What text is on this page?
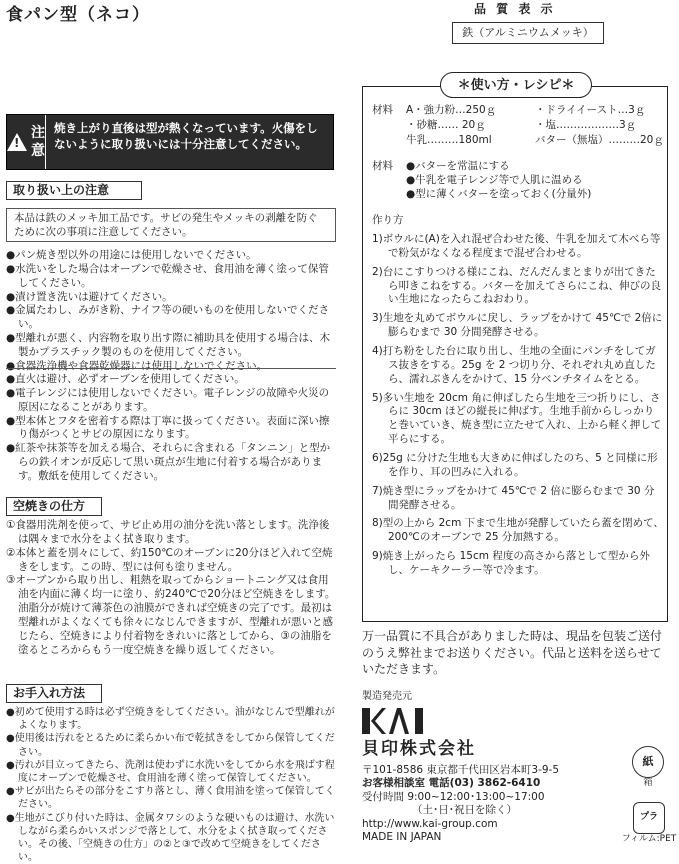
食パン型（ネコ）	品 質 表 示
鉄（アルミニウムメッキ）
!
注意
焼き上がり直後は型が熱くなっています。火傷をしないように取り扱いには十分注意してください。
取り扱い上の注意
本品は鉄のメッキ加工品です。サビの発生やメッキの剥離を防ぐために次の事項に注意してください。
●パン焼き型以外の用途には使用しないでください。
●水洗いをした場合はオーブンで乾燥させ、食用油を薄く塗って保管してください。
●漬け置き洗いは避けてください。
●金属たわし、みがき粉、ナイフ等の硬いものを使用しないでください。
●型離れが悪く、内容物を取り出す際に補助具を使用する場合は、木製かプラスチック製のものを使用してください。
●食器洗浄機や食器乾燥器には使用しないでください。
●直火は避け、必ずオーブンを使用してください。
●電子レンジには使用しないでください。電子レンジの故障や火災の原因になることがあります。
●型本体とフタを密着する際は丁寧に扱ってください。表面に深い擦り傷がつくとサビの原因になります。
●紅茶や抹茶等を加える場合、それらに含まれる「タンニン」と型からの鉄イオンが反応して黒い斑点が生地に付着する場合があります。敷紙を使用してください。
空焼きの仕方
①食器用洗剤を使って、サビ止め用の油分を洗い落とします。洗浄後は隅々まで水分をよく拭き取ります。
②本体と蓋を別々にして、約150℃のオーブンに20分ほど入れて空焼きをします。この時、型には何も塗りません。
③オーブンから取り出し、粗熱を取ってからショートニング又は食用油を内面に薄く均一に塗り、約240℃で20分ほど空焼きをします。油脂分が焼けて薄茶色の油膜ができれば空焼きの完了です。最初は型離れがよくなくても徐々になじんできますが、型離れが悪いと感じたら、空焼きにより付着物をきれいに落としてから、③の油脂を塗るところからもう一度空焼きを繰り返してください。
お手入れ方法
●初めて使用する時は必ず空焼きをしてください。油がなじんで型離れがよくなります。
●使用後は汚れをとるために柔らかい布で乾拭きをしてから保管してください。
●汚れが目立ってきたら、洗剤は使わずに水洗いをしてから水を飛ばす程度にオーブンで乾燥させ、食用油を薄く塗って保管してください。
●サビが出たらその部分をこすり落とし、薄く食用油を塗って保管してください。
●生地がこびり付いた時は、金属タワシのような硬いものは避け、水洗いしながら柔らかいスポンジで落として、水分をよく拭き取ってください。その後、「空焼きの仕方」の②と③で改めて空焼きをしてください。
＊使い方・レシピ＊
材料	A・強力粉…250ｇ	・ドライイースト…3ｇ
・砂糖…… 20ｇ	・塩………………3ｇ
牛乳………180ml	バター（無塩）………20ｇ
材料	●バターを常温にする
●牛乳を電子レンジ等で人肌に温める
●型に薄くバターを塗っておく(分量外)
作り方
1)ボウルに(A)を入れ混ぜ合わせた後、牛乳を加えて木べら等で粉気がなくなる程度まで混ぜ合わせる。
2)台にこすりつける様にこね、だんだんまとまりが出てきたら叩きこねをする。バターを加えてさらにこね、伸びの良い生地になったらこねおわり。
3)生地を丸めてボウルに戻し、ラップをかけて 45℃で 2倍に膨らむまで 30 分間発酵させる。
4)打ち粉をした台に取り出し、生地の全面にパンチをしてガス抜きをする。25g を 2 つ切り分、それぞれ丸め直したら、濡れぶきんをかけて、15 分ベンチタイムをとる。
5)多い生地を 20cm 角に伸ばしたら生地を三つ折りにし、さらに 30cm ほどの縦長に伸ばす。生地手前からしっかりと巻いていき、焼き型に立たせて入れ、上から軽く押して平らにする。
6)25g に分けた生地も大きめに伸ばしたのち、5 と同様に形を作り、耳の凹みに入れる。
7)焼き型にラップをかけて 45℃で 2 倍に膨らむまで 30 分間発酵させる。
8)型の上から 2cm 下まで生地が発酵していたら蓋を閉めて、200℃のオーブンで 25 分加熱する。
9)焼き上がったら 15cm 程度の高さから落として型から外し、ケーキクーラー等で冷ます。
万一品質に不具合がありました時は、現品を包装ご送付のうえ弊社までお送りください。代品と送料を送らせていただきます。
製造発売元
貝印株式会社
〒101-8586 東京都千代田区岩本町3-9-5
お客様相談室 電話(03) 3862-6410
受付時間 9:00~12:00･13:00~17:00
（土･日･祝日を除く）
http://www.kai-group.com
MADE IN JAPAN
紙
箱
プラ
フィルム:PET
